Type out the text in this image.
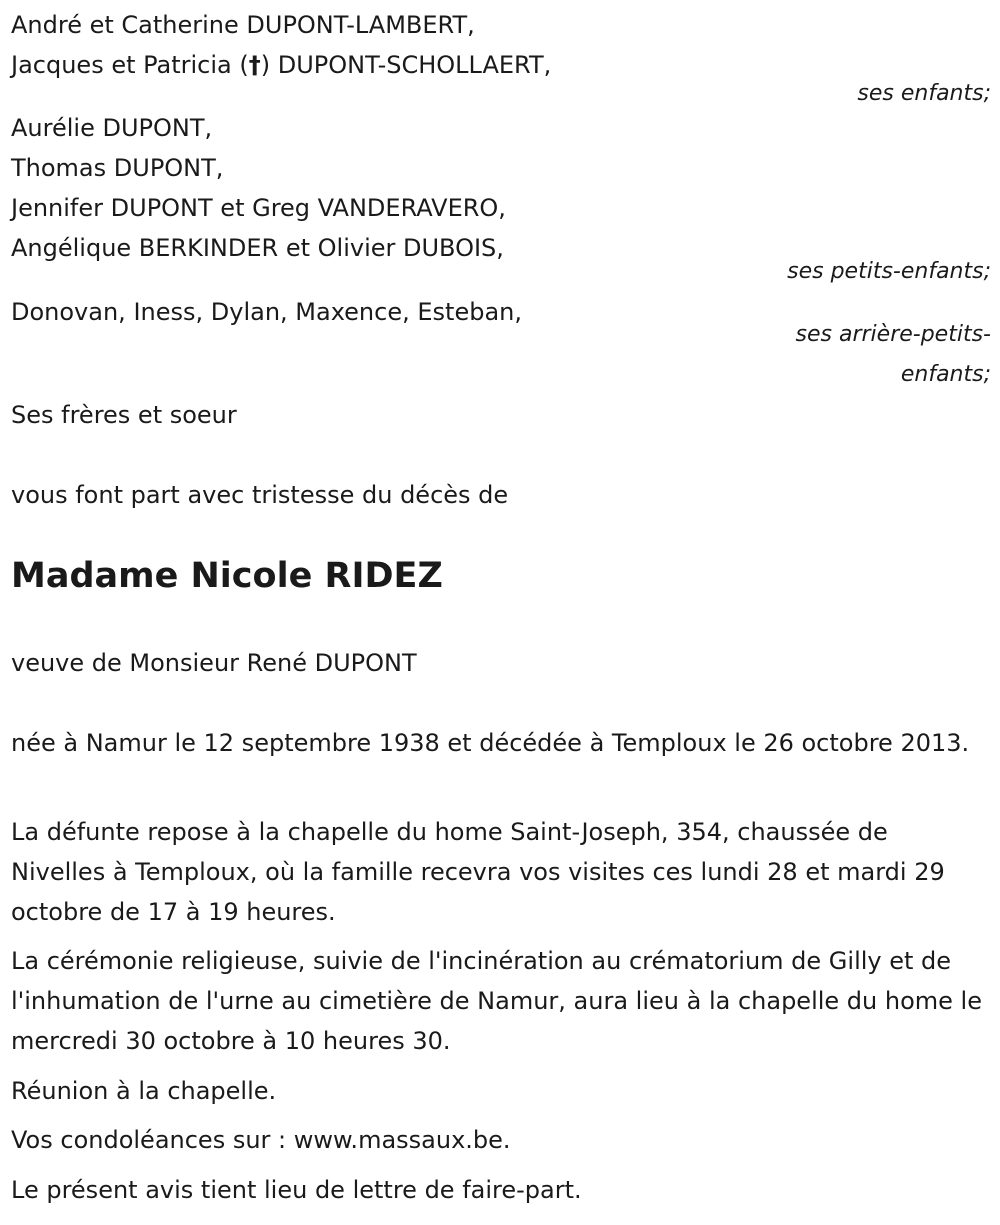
André et Catherine DUPONT-LAMBERT,
Jacques et Patricia (†) DUPONT-SCHOLLAERT,
ses enfants;
Aurélie DUPONT,
Thomas DUPONT,
Jennifer DUPONT et Greg VANDERAVERO,
Angélique BERKINDER et Olivier DUBOIS,
ses petits-enfants;
Donovan, Iness, Dylan, Maxence, Esteban,
ses arrière-petits-
enfants;
Ses frères et soeur
vous font part avec tristesse du décès de
Madame Nicole RIDEZ
veuve de Monsieur René DUPONT
née à Namur le 12 septembre 1938 et décédée à Temploux le 26 octobre 2013.
La défunte repose à la chapelle du home Saint-Joseph, 354, chaussée de Nivelles à Temploux, où la famille recevra vos visites ces lundi 28 et mardi 29 octobre de 17 à 19 heures.
La cérémonie religieuse, suivie de l'incinération au crématorium de Gilly et de l'inhumation de l'urne au cimetière de Namur, aura lieu à la chapelle du home le mercredi 30 octobre à 10 heures 30.
Réunion à la chapelle.
Vos condoléances sur : www.massaux.be.
Le présent avis tient lieu de lettre de faire-part.
